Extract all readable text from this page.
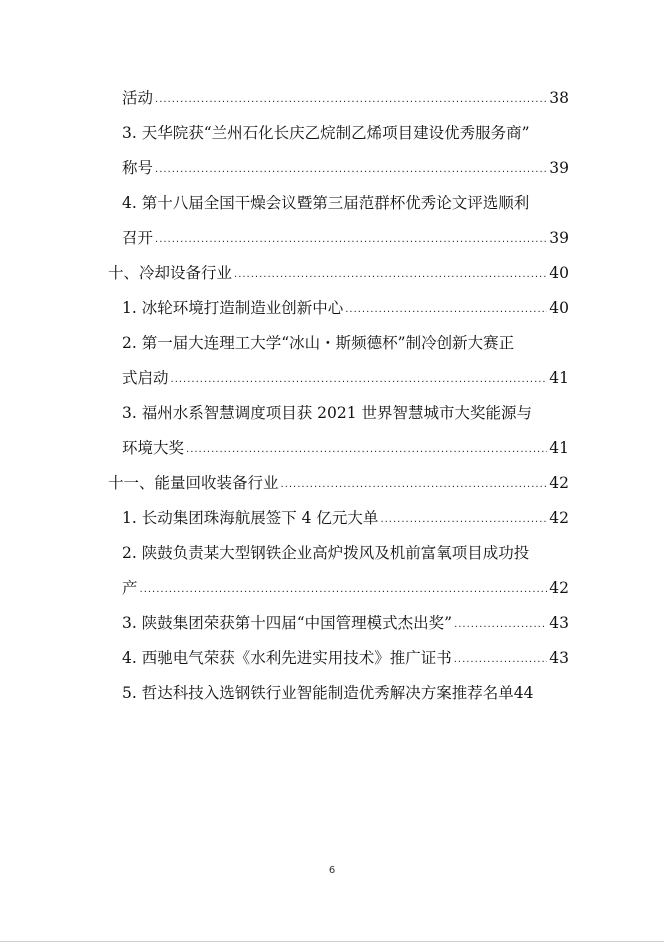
活动 .....	38
3. 天华院获“兰州石化长庆乙烷制乙烯项目建设优秀服务商”
称号 .....	39
4. 第十八届全国干燥会议暨第三届范群杯优秀论文评选顺利
召开 .....	39
十、冷却设备行业 .....	40
1. 冰轮环境打造制造业创新中心 .....	40
2. 第一届大连理工大学“冰山・斯频德杯”制冷创新大赛正
式启动 .....	41
3. 福州水系智慧调度项目获 2021 世界智慧城市大奖能源与
环境大奖 .....	41
十一、能量回收装备行业 .....	42
1. 长动集团珠海航展签下 4 亿元大单 .....	42
2. 陕鼓负责某大型钢铁企业高炉拨风及机前富氧项目成功投
产 .....	42
3. 陕鼓集团荣获第十四届“中国管理模式杰出奖” .....	43
4. 西驰电气荣获《水利先进实用技术》推广证书 .....	43
5. 哲达科技入选钢铁行业智能制造优秀解决方案推荐名单44
6
